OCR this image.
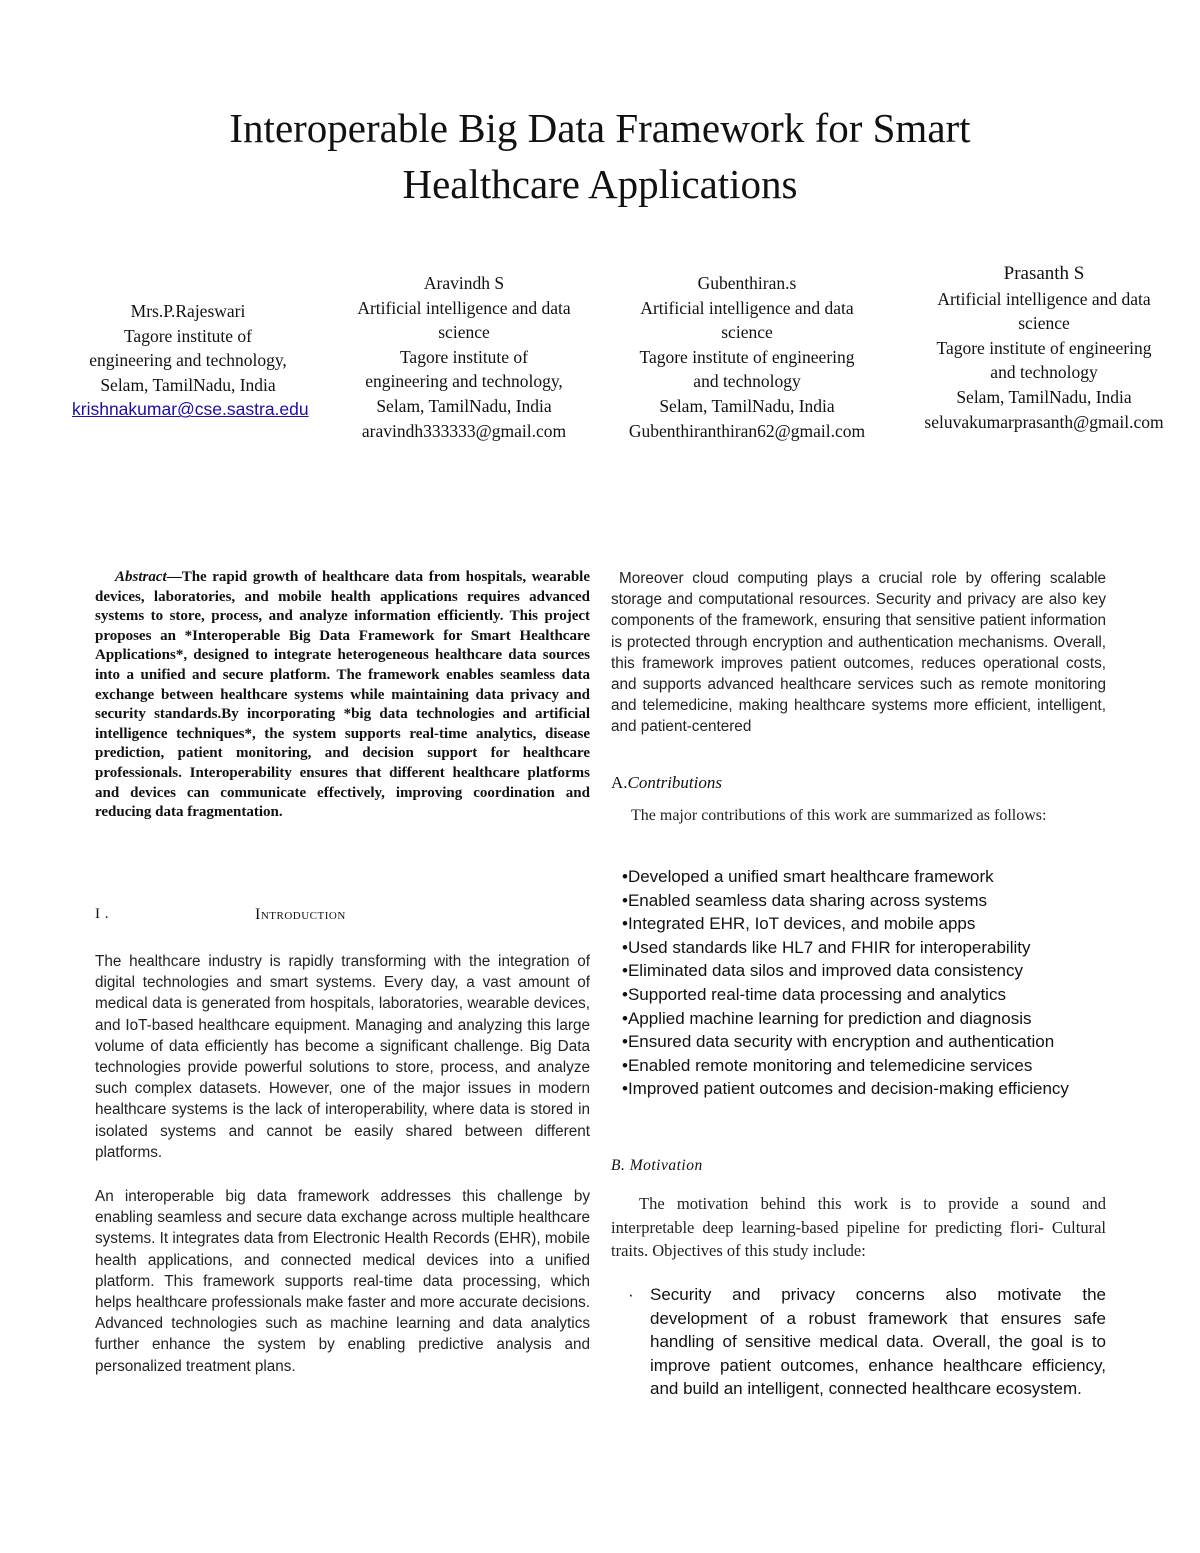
Interoperable Big Data Framework for Smart
Healthcare Applications
Mrs.P.Rajeswari
Tagore institute of
engineering and technology,
Selam, TamilNadu, India
krishnakumar@cse.sastra.edu
Aravindh S
Artificial intelligence and data
science
Tagore institute of
engineering and technology,
Selam, TamilNadu, India
aravindh333333@gmail.com
Gubenthiran.s
Artificial intelligence and data
science
Tagore institute of engineering
and technology
Selam, TamilNadu, India
Gubenthiranthiran62@gmail.com
Prasanth S
Artificial intelligence and data
science
Tagore institute of engineering
and technology
Selam, TamilNadu, India
seluvakumarprasanth@gmail.com

Abstract—The rapid growth of healthcare data from hospitals, wearable devices, laboratories, and mobile health applications requires advanced systems to store, process, and analyze information efficiently. This project proposes an *Interoperable Big Data Framework for Smart Healthcare Applications*, designed to integrate heterogeneous healthcare data sources into a unified and secure platform. The framework enables seamless data exchange between healthcare systems while maintaining data privacy and security standards.By incorporating *big data technologies and artificial intelligence techniques*, the system supports real-time analytics, disease prediction, patient monitoring, and decision support for healthcare professionals. Interoperability ensures that different healthcare platforms and devices can communicate effectively, improving coordination and reducing data fragmentation.

I .	Introduction

The healthcare industry is rapidly transforming with the integration of digital technologies and smart systems. Every day, a vast amount of medical data is generated from hospitals, laboratories, wearable devices, and IoT-based healthcare equipment. Managing and analyzing this large volume of data efficiently has become a significant challenge. Big Data technologies provide powerful solutions to store, process, and analyze such complex datasets. However, one of the major issues in modern healthcare systems is the lack of interoperability, where data is stored in isolated systems and cannot be easily shared between different platforms.

An interoperable big data framework addresses this challenge by enabling seamless and secure data exchange across multiple healthcare systems. It integrates data from Electronic Health Records (EHR), mobile health applications, and connected medical devices into a unified platform. This framework supports real-time data processing, which helps healthcare professionals make faster and more accurate decisions. Advanced technologies such as machine learning and data analytics further enhance the system by enabling predictive analysis and personalized treatment plans.

Moreover cloud computing plays a crucial role by offering scalable storage and computational resources. Security and privacy are also key components of the framework, ensuring that sensitive patient information is protected through encryption and authentication mechanisms. Overall, this framework improves patient outcomes, reduces operational costs, and supports advanced healthcare services such as remote monitoring and telemedicine, making healthcare systems more efficient, intelligent, and patient-centered

A.Contributions

The major contributions of this work are summarized as follows:

•Developed a unified smart healthcare framework
•Enabled seamless data sharing across systems
•Integrated EHR, IoT devices, and mobile apps
•Used standards like HL7 and FHIR for interoperability
•Eliminated data silos and improved data consistency
•Supported real-time data processing and analytics
•Applied machine learning for prediction and diagnosis
•Ensured data security with encryption and authentication
•Enabled remote monitoring and telemedicine services
•Improved patient outcomes and decision-making efficiency
B. Motivation

The motivation behind this work is to provide a sound and interpretable deep learning-based pipeline for predicting flori- Cultural traits. Objectives of this study include:

· Security and privacy concerns also motivate the development of a robust framework that ensures safe handling of sensitive medical data. Overall, the goal is to improve patient outcomes, enhance healthcare efficiency, and build an intelligent, connected healthcare ecosystem.
